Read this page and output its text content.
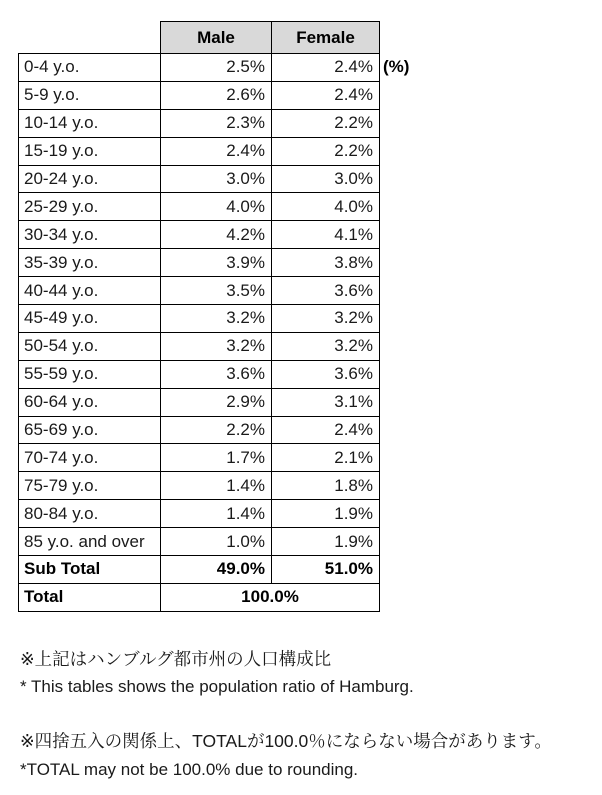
	Male	Female
0-4 y.o.	2.5%	2.4%
5-9 y.o.	2.6%	2.4%
10-14 y.o.	2.3%	2.2%
15-19 y.o.	2.4%	2.2%
20-24 y.o.	3.0%	3.0%
25-29 y.o.	4.0%	4.0%
30-34 y.o.	4.2%	4.1%
35-39 y.o.	3.9%	3.8%
40-44 y.o.	3.5%	3.6%
45-49 y.o.	3.2%	3.2%
50-54 y.o.	3.2%	3.2%
55-59 y.o.	3.6%	3.6%
60-64 y.o.	2.9%	3.1%
65-69 y.o.	2.2%	2.4%
70-74 y.o.	1.7%	2.1%
75-79 y.o.	1.4%	1.8%
80-84 y.o.	1.4%	1.9%
85 y.o. and over	1.0%	1.9%
Sub Total	49.0%	51.0%
Total	100.0%	
(%)
※上記はハンブルグ都市州の人口構成比
* This tables shows the population ratio of Hamburg.
※四捨五入の関係上、TOTALが100.0％にならない場合があります。
*TOTAL may not be 100.0% due to rounding.
